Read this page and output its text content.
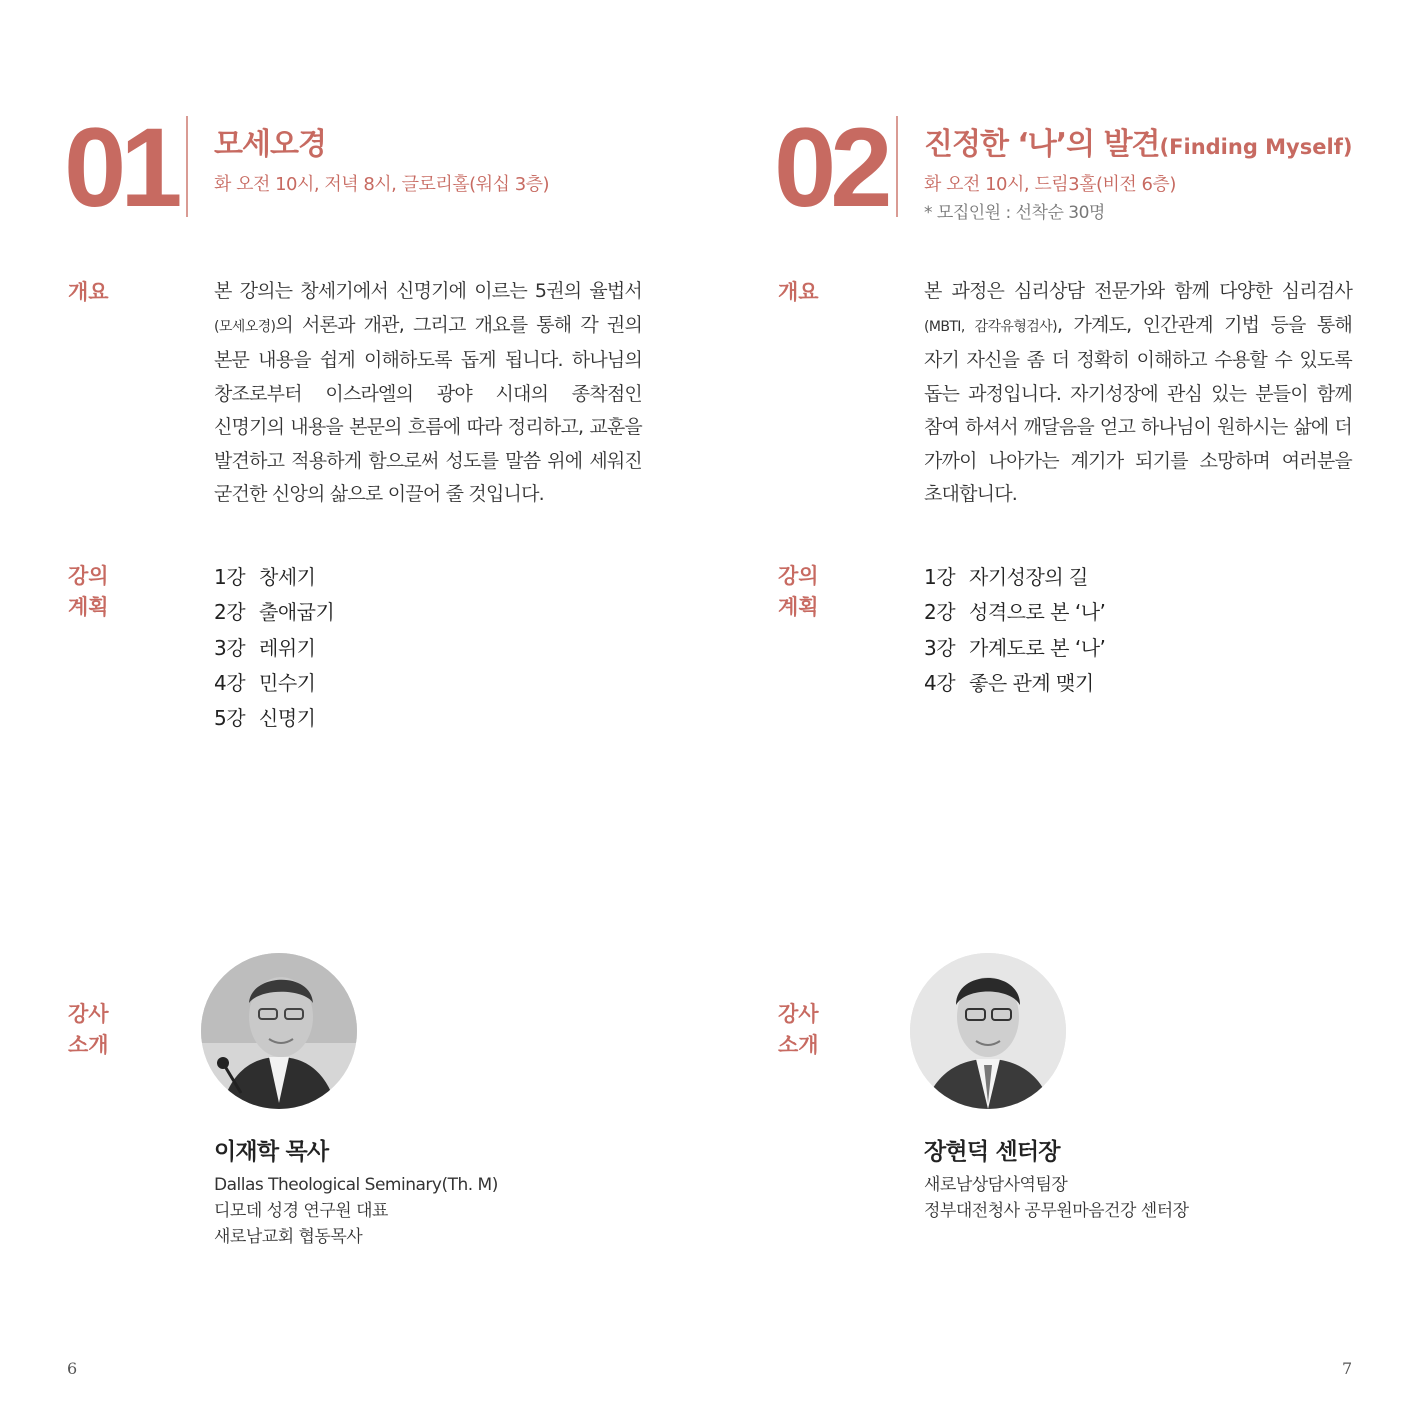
01 모세오경
화 오전 10시, 저녁 8시, 글로리홀(워십 3층)
개요	본 강의는 창세기에서 신명기에 이르는 5권의 율법서 (모세오경)의 서론과 개관, 그리고 개요를 통해 각 권의 본문 내용을 쉽게 이해하도록 돕게 됩니다. 하나님의 창조로부터 이스라엘의 광야 시대의 종착점인 신명기의 내용을 본문의 흐름에 따라 정리하고, 교훈을 발견하고 적용하게 함으로써 성도를 말씀 위에 세워진 굳건한 신앙의 삶으로 이끌어 줄 것입니다.
강의
계획
1강 창세기
2강 출애굽기
3강 레위기
4강 민수기
5강 신명기
강사
소개
이재학 목사
Dallas Theological Seminary(Th. M)
디모데 성경 연구원 대표
새로남교회 협동목사
6
02 진정한 ‘나’의 발견(Finding Myself)
화 오전 10시, 드림3홀(비전 6층)
* 모집인원 : 선착순 30명
개요	본 과정은 심리상담 전문가와 함께 다양한 심리검사 (MBTI, 감각유형검사), 가계도, 인간관계 기법 등을 통해 자기 자신을 좀 더 정확히 이해하고 수용할 수 있도록 돕는 과정입니다. 자기성장에 관심 있는 분들이 함께 참여 하셔서 깨달음을 얻고 하나님이 원하시는 삶에 더 가까이 나아가는 계기가 되기를 소망하며 여러분을 초대합니다.
강의
계획
1강 자기성장의 길
2강 성격으로 본 ‘나’
3강 가계도로 본 ‘나’
4강 좋은 관계 맺기
강사
소개
장현덕 센터장
새로남상담사역팀장
정부대전청사 공무원마음건강 센터장
7
